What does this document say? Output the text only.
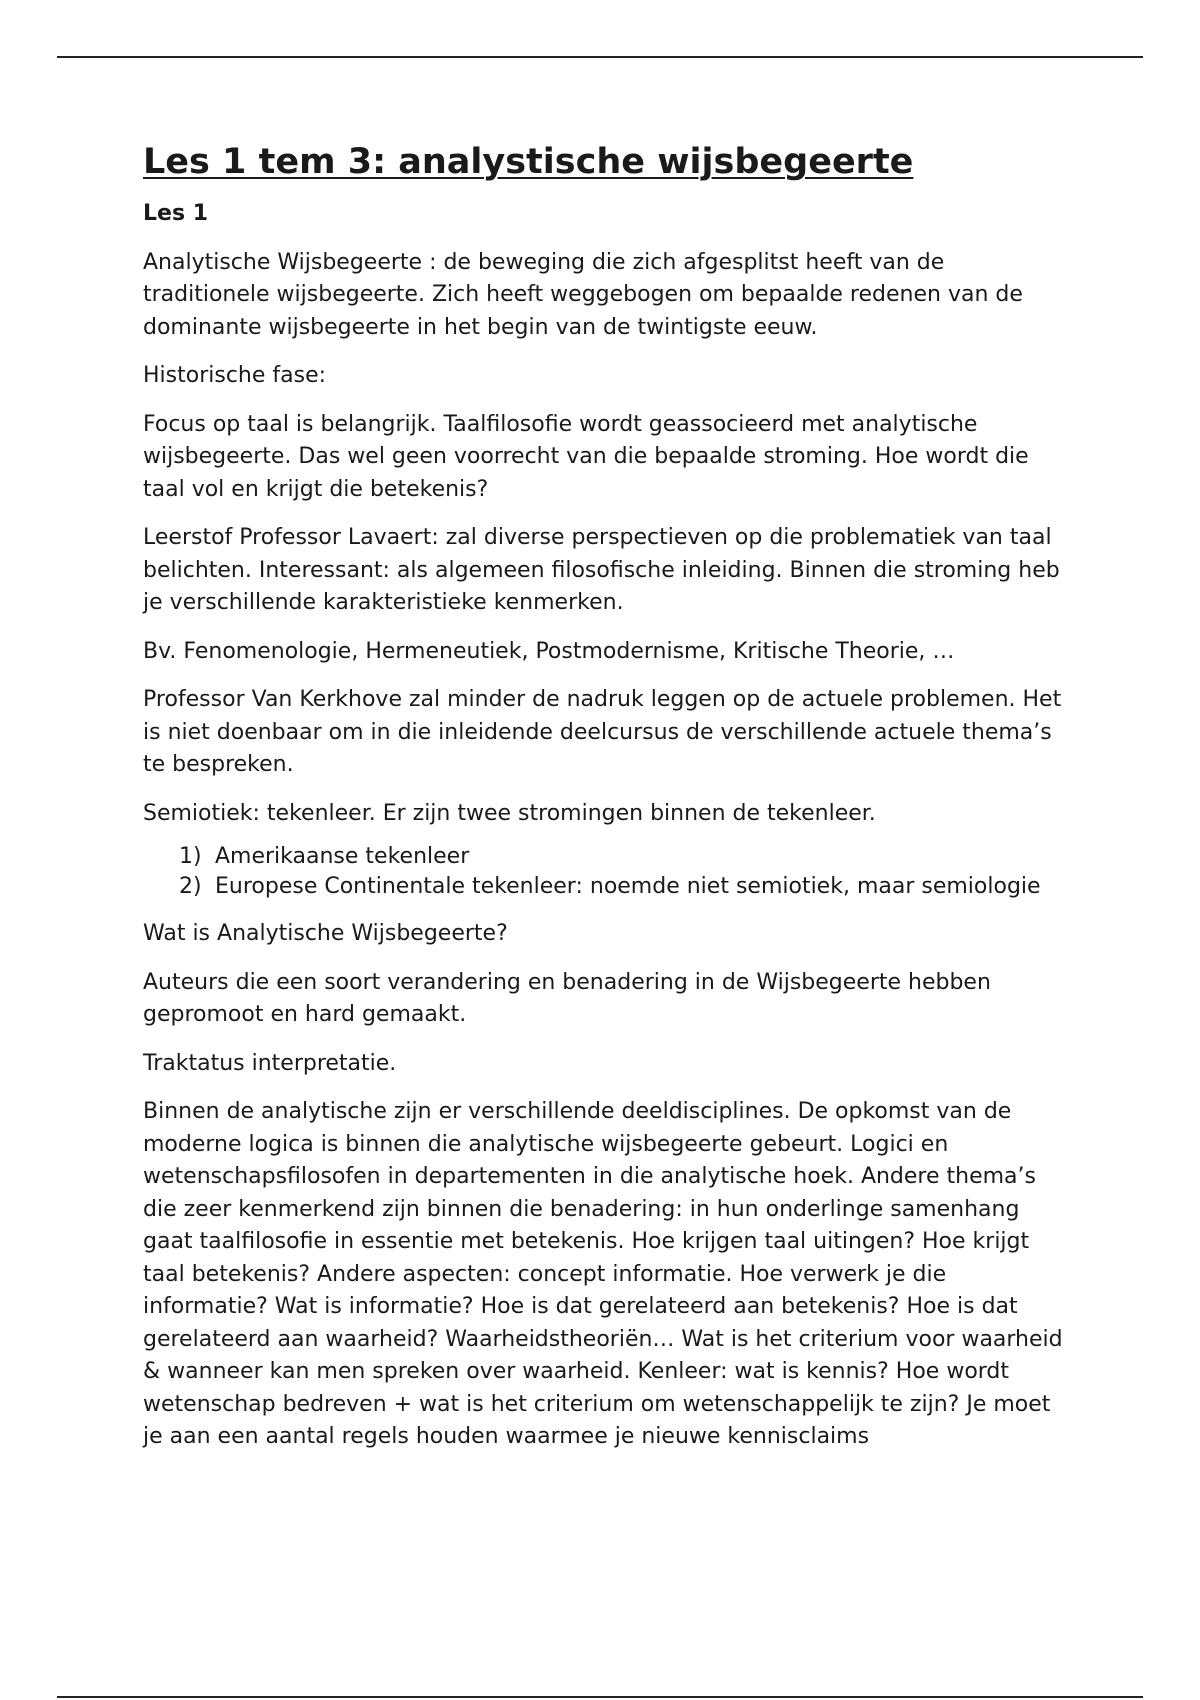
Les 1 tem 3: analystische wijsbegeerte
Les 1

Analytische Wijsbegeerte : de beweging die zich afgesplitst heeft van de traditionele wijsbegeerte. Zich heeft weggebogen om bepaalde redenen van de dominante wijsbegeerte in het begin van de twintigste eeuw.

Historische fase:

Focus op taal is belangrijk. Taalfilosofie wordt geassocieerd met analytische wijsbegeerte. Das wel geen voorrecht van die bepaalde stroming. Hoe wordt die taal vol en krijgt die betekenis?

Leerstof Professor Lavaert: zal diverse perspectieven op die problematiek van taal belichten. Interessant: als algemeen filosofische inleiding. Binnen die stroming heb je verschillende karakteristieke kenmerken.

Bv. Fenomenologie, Hermeneutiek, Postmodernisme, Kritische Theorie, …

Professor Van Kerkhove zal minder de nadruk leggen op de actuele problemen. Het is niet doenbaar om in die inleidende deelcursus de verschillende actuele thema’s te bespreken.

Semiotiek: tekenleer. Er zijn twee stromingen binnen de tekenleer.

1) Amerikaanse tekenleer
2) Europese Continentale tekenleer: noemde niet semiotiek, maar semiologie

Wat is Analytische Wijsbegeerte?

Auteurs die een soort verandering en benadering in de Wijsbegeerte hebben gepromoot en hard gemaakt.

Traktatus interpretatie.

Binnen de analytische zijn er verschillende deeldisciplines. De opkomst van de moderne logica is binnen die analytische wijsbegeerte gebeurt. Logici en wetenschapsfilosofen in departementen in die analytische hoek. Andere thema’s die zeer kenmerkend zijn binnen die benadering: in hun onderlinge samenhang gaat taalfilosofie in essentie met betekenis. Hoe krijgen taal uitingen? Hoe krijgt taal betekenis? Andere aspecten: concept informatie. Hoe verwerk je die informatie? Wat is informatie? Hoe is dat gerelateerd aan betekenis? Hoe is dat gerelateerd aan waarheid? Waarheidstheoriën… Wat is het criterium voor waarheid & wanneer kan men spreken over waarheid. Kenleer: wat is kennis? Hoe wordt wetenschap bedreven + wat is het criterium om wetenschappelijk te zijn? Je moet je aan een aantal regels houden waarmee je nieuwe kennisclaims
